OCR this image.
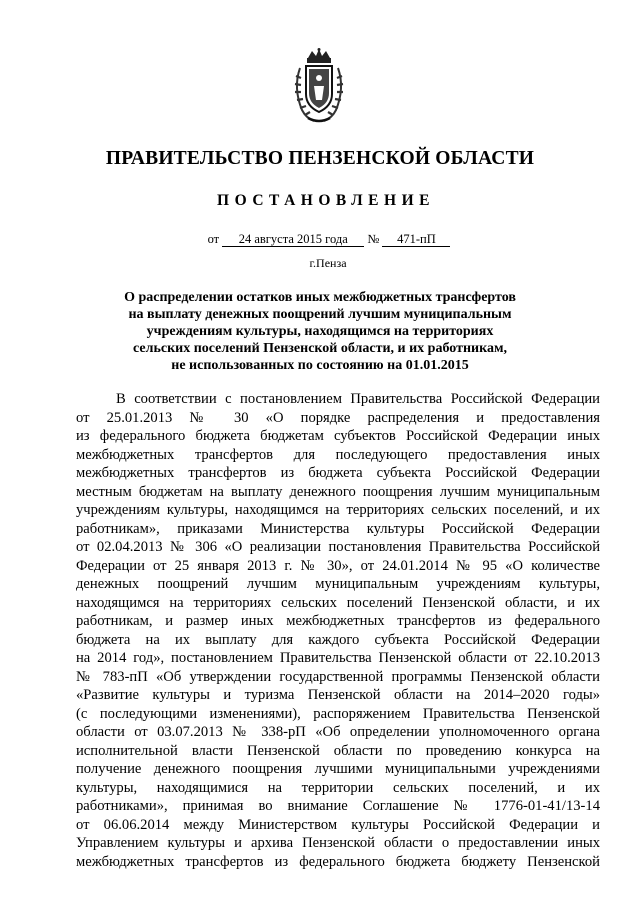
ПРАВИТЕЛЬСТВО ПЕНЗЕНСКОЙ ОБЛАСТИ
ПОСТАНОВЛЕНИЕ
от 24 августа 2015 года № 471-пП
г.Пенза
О распределении остатков иных межбюджетных трансфертов
на выплату денежных поощрений лучшим муниципальным
учреждениям культуры, находящимся на территориях
сельских поселений Пензенской области, и их работникам,
не использованных по состоянию на 01.01.2015
В соответствии с постановлением Правительства Российской Федерации
от 25.01.2013 № 30 «О порядке распределения и предоставления
из федерального бюджета бюджетам субъектов Российской Федерации иных
межбюджетных трансфертов для последующего предоставления иных
межбюджетных трансфертов из бюджета субъекта Российской Федерации
местным бюджетам на выплату денежного поощрения лучшим муниципальным
учреждениям культуры, находящимся на территориях сельских поселений, и их
работникам», приказами Министерства культуры Российской Федерации
от 02.04.2013 № 306 «О реализации постановления Правительства Российской
Федерации от 25 января 2013 г. № 30», от 24.01.2014 № 95 «О количестве
денежных поощрений лучшим муниципальным учреждениям культуры,
находящимся на территориях сельских поселений Пензенской области, и их
работникам, и размер иных межбюджетных трансфертов из федерального
бюджета на их выплату для каждого субъекта Российской Федерации
на 2014 год», постановлением Правительства Пензенской области от 22.10.2013
№ 783-пП «Об утверждении государственной программы Пензенской области
«Развитие культуры и туризма Пензенской области на 2014–2020 годы»
(с последующими изменениями), распоряжением Правительства Пензенской
области от 03.07.2013 № 338-рП «Об определении уполномоченного органа
исполнительной власти Пензенской области по проведению конкурса на
получение денежного поощрения лучшими муниципальными учреждениями
культуры, находящимися на территории сельских поселений, и их
работниками», принимая во внимание Соглашение № 1776-01-41/13-14
от 06.06.2014 между Министерством культуры Российской Федерации и
Управлением культуры и архива Пензенской области о предоставлении иных
межбюджетных трансфертов из федерального бюджета бюджету Пензенской
